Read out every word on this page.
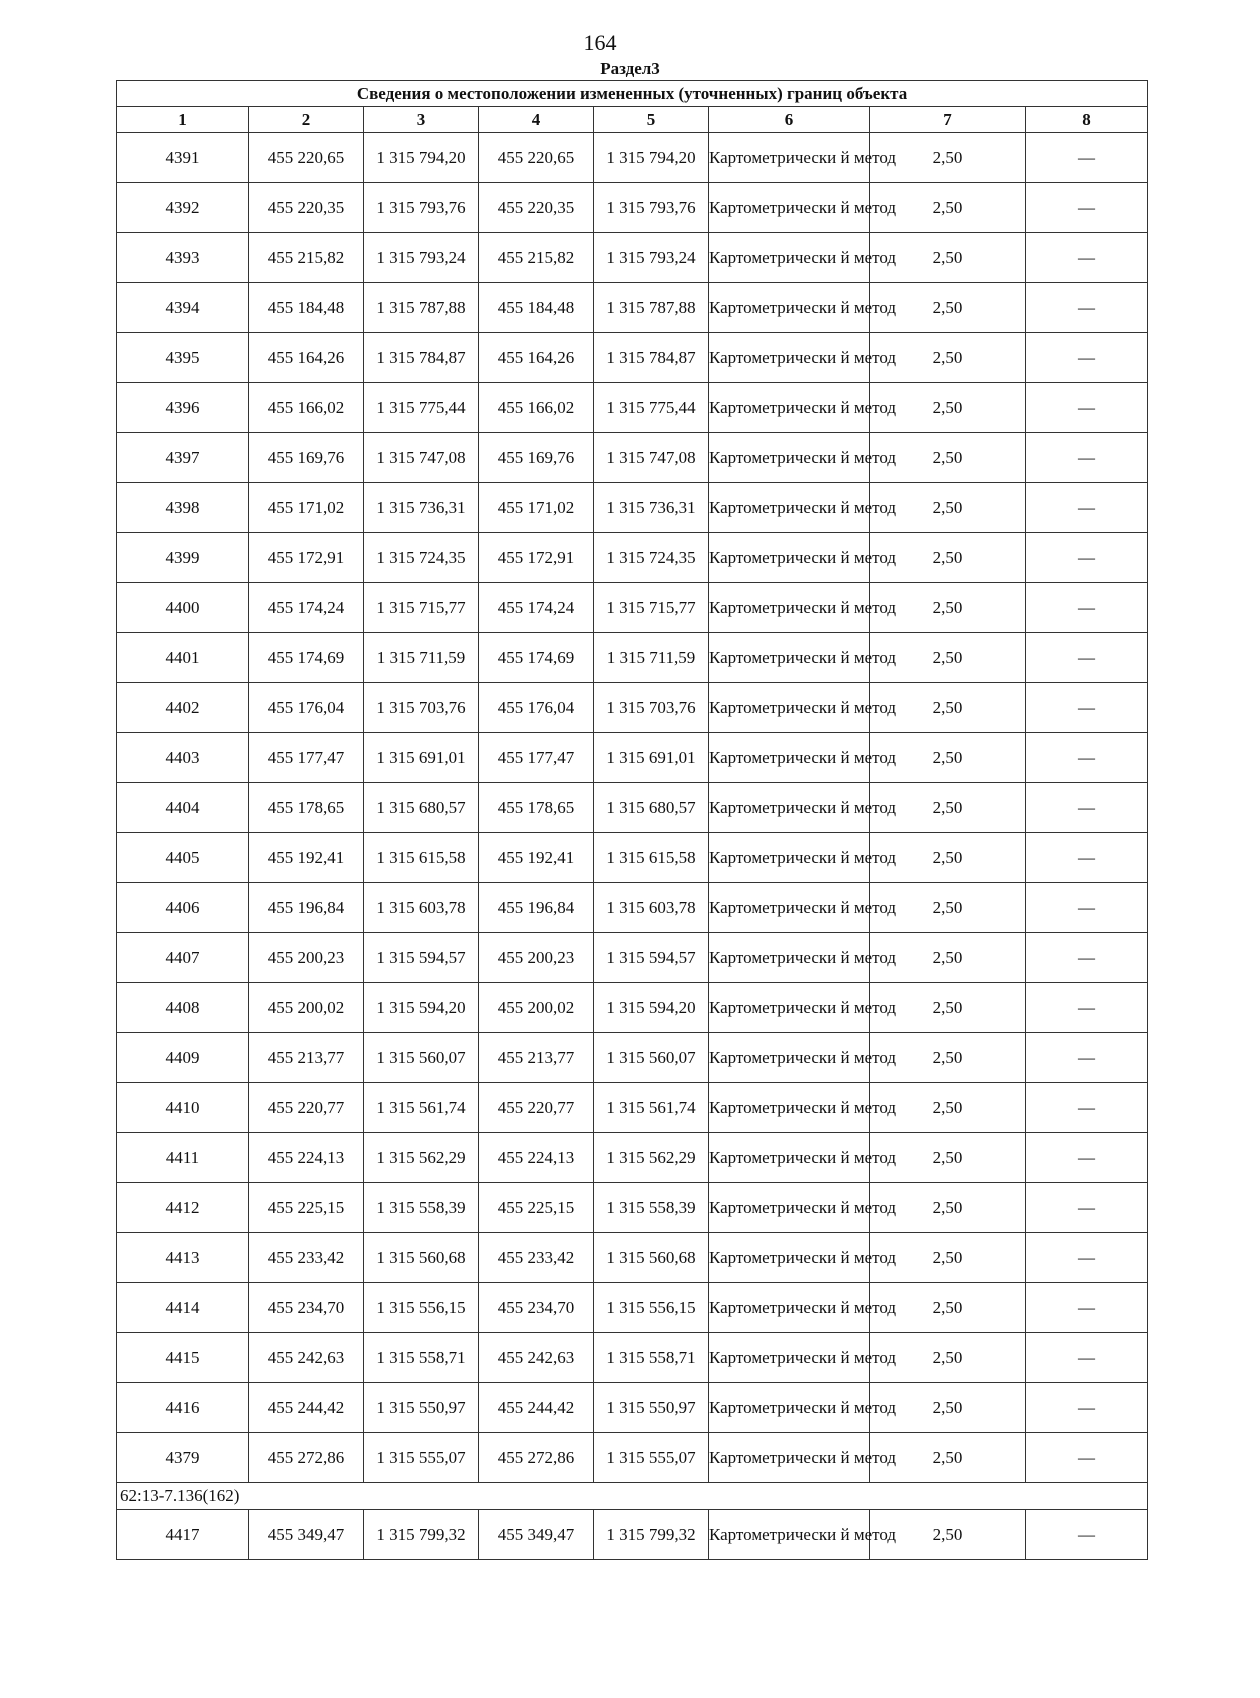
164
Раздел3
Сведения о местоположении измененных (уточненных) границ объекта							
1	2	3	4	5	6	7	8
4391	455 220,65	1 315 794,20	455 220,65	1 315 794,20	Картометрически й метод	2,50	—
4392	455 220,35	1 315 793,76	455 220,35	1 315 793,76	Картометрически й метод	2,50	—
4393	455 215,82	1 315 793,24	455 215,82	1 315 793,24	Картометрически й метод	2,50	—
4394	455 184,48	1 315 787,88	455 184,48	1 315 787,88	Картометрически й метод	2,50	—
4395	455 164,26	1 315 784,87	455 164,26	1 315 784,87	Картометрически й метод	2,50	—
4396	455 166,02	1 315 775,44	455 166,02	1 315 775,44	Картометрически й метод	2,50	—
4397	455 169,76	1 315 747,08	455 169,76	1 315 747,08	Картометрически й метод	2,50	—
4398	455 171,02	1 315 736,31	455 171,02	1 315 736,31	Картометрически й метод	2,50	—
4399	455 172,91	1 315 724,35	455 172,91	1 315 724,35	Картометрически й метод	2,50	—
4400	455 174,24	1 315 715,77	455 174,24	1 315 715,77	Картометрически й метод	2,50	—
4401	455 174,69	1 315 711,59	455 174,69	1 315 711,59	Картометрически й метод	2,50	—
4402	455 176,04	1 315 703,76	455 176,04	1 315 703,76	Картометрически й метод	2,50	—
4403	455 177,47	1 315 691,01	455 177,47	1 315 691,01	Картометрически й метод	2,50	—
4404	455 178,65	1 315 680,57	455 178,65	1 315 680,57	Картометрически й метод	2,50	—
4405	455 192,41	1 315 615,58	455 192,41	1 315 615,58	Картометрически й метод	2,50	—
4406	455 196,84	1 315 603,78	455 196,84	1 315 603,78	Картометрически й метод	2,50	—
4407	455 200,23	1 315 594,57	455 200,23	1 315 594,57	Картометрически й метод	2,50	—
4408	455 200,02	1 315 594,20	455 200,02	1 315 594,20	Картометрически й метод	2,50	—
4409	455 213,77	1 315 560,07	455 213,77	1 315 560,07	Картометрически й метод	2,50	—
4410	455 220,77	1 315 561,74	455 220,77	1 315 561,74	Картометрически й метод	2,50	—
4411	455 224,13	1 315 562,29	455 224,13	1 315 562,29	Картометрически й метод	2,50	—
4412	455 225,15	1 315 558,39	455 225,15	1 315 558,39	Картометрически й метод	2,50	—
4413	455 233,42	1 315 560,68	455 233,42	1 315 560,68	Картометрически й метод	2,50	—
4414	455 234,70	1 315 556,15	455 234,70	1 315 556,15	Картометрически й метод	2,50	—
4415	455 242,63	1 315 558,71	455 242,63	1 315 558,71	Картометрически й метод	2,50	—
4416	455 244,42	1 315 550,97	455 244,42	1 315 550,97	Картометрически й метод	2,50	—
4379	455 272,86	1 315 555,07	455 272,86	1 315 555,07	Картометрически й метод	2,50	—
62:13-7.136(162)							
4417	455 349,47	1 315 799,32	455 349,47	1 315 799,32	Картометрически й метод	2,50	—
